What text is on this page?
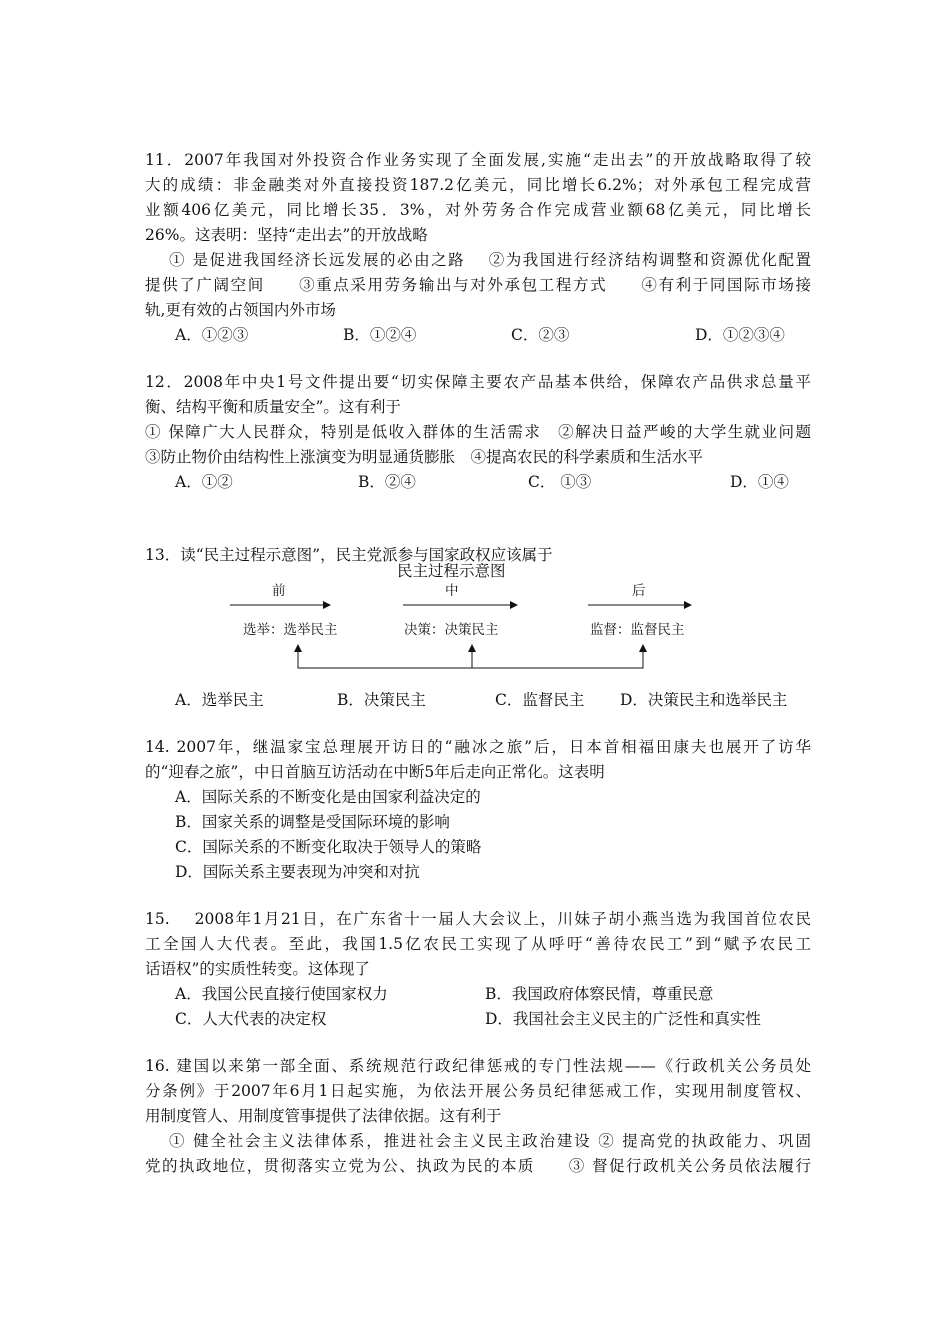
11．2007年我国对外投资合作业务实现了全面发展,实施“走出去”的开放战略取得了较
大的成绩：非金融类对外直接投资187.2亿美元，同比增长6.2%；对外承包工程完成营
业额406亿美元，同比增长35．3%，对外劳务合作完成营业额68亿美元，同比增长
26%。这表明：坚持“走出去”的开放战略
① 是促进我国经济长远发展的必由之路　 ②为我国进行经济结构调整和资源优化配置
提供了广阔空间　　③重点采用劳务输出与对外承包工程方式　　④有利于同国际市场接
轨,更有效的占领国内外市场
A．①②③	B．①②④	C．②③	D．①②③④
12．2008年中央1号文件提出要“切实保障主要农产品基本供给，保障农产品供求总量平
衡、结构平衡和质量安全”。这有利于
① 保障广大人民群众，特别是低收入群体的生活需求　②解决日益严峻的大学生就业问题
③防止物价由结构性上涨演变为明显通货膨胀　④提高农民的科学素质和生活水平
A．①②	B．②④	C． ①③	D．①④
13．读“民主过程示意图”，民主党派参与国家政权应该属于
民主过程示意图
前	中	后
选举：选举民主	决策：决策民主	监督：监督民主
A．选举民主	B．决策民主	C．监督民主 D．决策民主和选举民主
14. 2007年，继温家宝总理展开访日的“融冰之旅”后，日本首相福田康夫也展开了访华
的“迎春之旅”，中日首脑互访活动在中断5年后走向正常化。这表明
A．国际关系的不断变化是由国家利益决定的
B．国家关系的调整是受国际环境的影响
C．国际关系的不断变化取决于领导人的策略
D．国际关系主要表现为冲突和对抗
15.　 2008年1月21日，在广东省十一届人大会议上，川妹子胡小燕当选为我国首位农民
工全国人大代表。至此，我国1.5亿农民工实现了从呼吁“善待农民工”到“赋予农民工
话语权”的实质性转变。这体现了
A．我国公民直接行使国家权力	B．我国政府体察民情，尊重民意
C．人大代表的决定权	D．我国社会主义民主的广泛性和真实性
16. 建国以来第一部全面、系统规范行政纪律惩戒的专门性法规——《行政机关公务员处
分条例》于2007年6月1日起实施，为依法开展公务员纪律惩戒工作，实现用制度管权、
用制度管人、用制度管事提供了法律依据。这有利于
① 健全社会主义法律体系，推进社会主义民主政治建设 ② 提高党的执政能力、巩固
党的执政地位，贯彻落实立党为公、执政为民的本质　　③ 督促行政机关公务员依法履行
